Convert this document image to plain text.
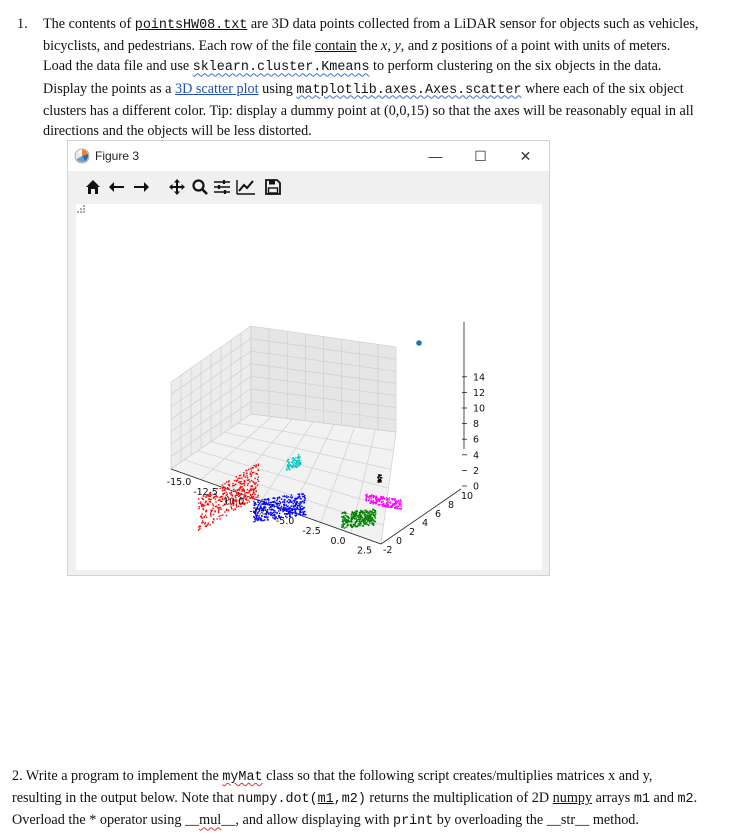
1. The contents of pointsHW08.txt are 3D data points collected from a LiDAR sensor for objects such as vehicles, bicyclists, and pedestrians. Each row of the file contain the x, y, and z positions of a point with units of meters. Load the data file and use sklearn.cluster.Kmeans to perform clustering on the six objects in the data. Display the points as a 3D scatter plot using matplotlib.axes.Axes.scatter where each of the six object clusters has a different color. Tip: display a dummy point at (0,0,15) so that the axes will be reasonably equal in all directions and the objects will be less distorted.
Figure 3	—	☐	✕
0
2
4
6
8
10
12
14
-2
0
2
4
6
8
10
-15.0
-12.5
-10.0
-7.5
-5.0
-2.5
0.0
2.5
2. Write a program to implement the myMat class so that the following script creates/multiplies matrices x and y, resulting in the output below. Note that numpy.dot(m1,m2) returns the multiplication of 2D numpy arrays m1 and m2. Overload the * operator using __mul__, and allow displaying with print by overloading the __str__ method.
